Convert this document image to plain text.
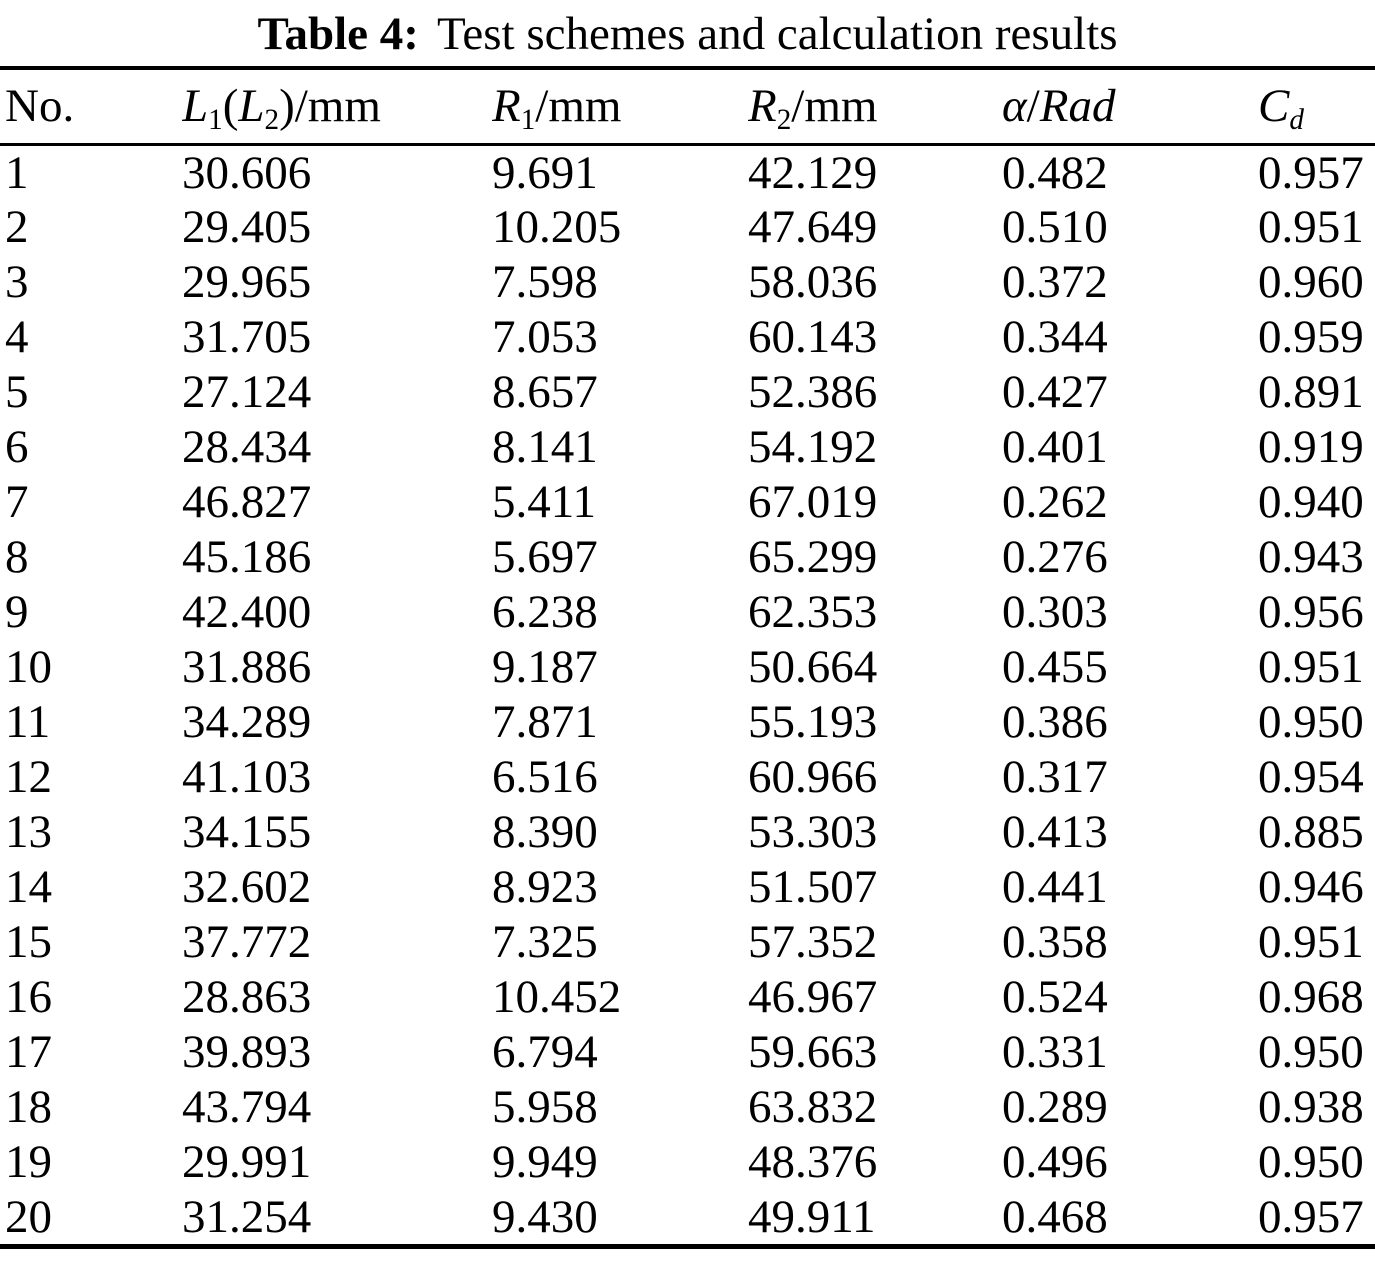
Table 4: Test schemes and calculation results
No.	L1(L2)/mm	R1/mm	R2/mm	α/Rad	Cd
1	30.606	9.691	42.129	0.482	0.957
2	29.405	10.205	47.649	0.510	0.951
3	29.965	7.598	58.036	0.372	0.960
4	31.705	7.053	60.143	0.344	0.959
5	27.124	8.657	52.386	0.427	0.891
6	28.434	8.141	54.192	0.401	0.919
7	46.827	5.411	67.019	0.262	0.940
8	45.186	5.697	65.299	0.276	0.943
9	42.400	6.238	62.353	0.303	0.956
10	31.886	9.187	50.664	0.455	0.951
11	34.289	7.871	55.193	0.386	0.950
12	41.103	6.516	60.966	0.317	0.954
13	34.155	8.390	53.303	0.413	0.885
14	32.602	8.923	51.507	0.441	0.946
15	37.772	7.325	57.352	0.358	0.951
16	28.863	10.452	46.967	0.524	0.968
17	39.893	6.794	59.663	0.331	0.950
18	43.794	5.958	63.832	0.289	0.938
19	29.991	9.949	48.376	0.496	0.950
20	31.254	9.430	49.911	0.468	0.957
